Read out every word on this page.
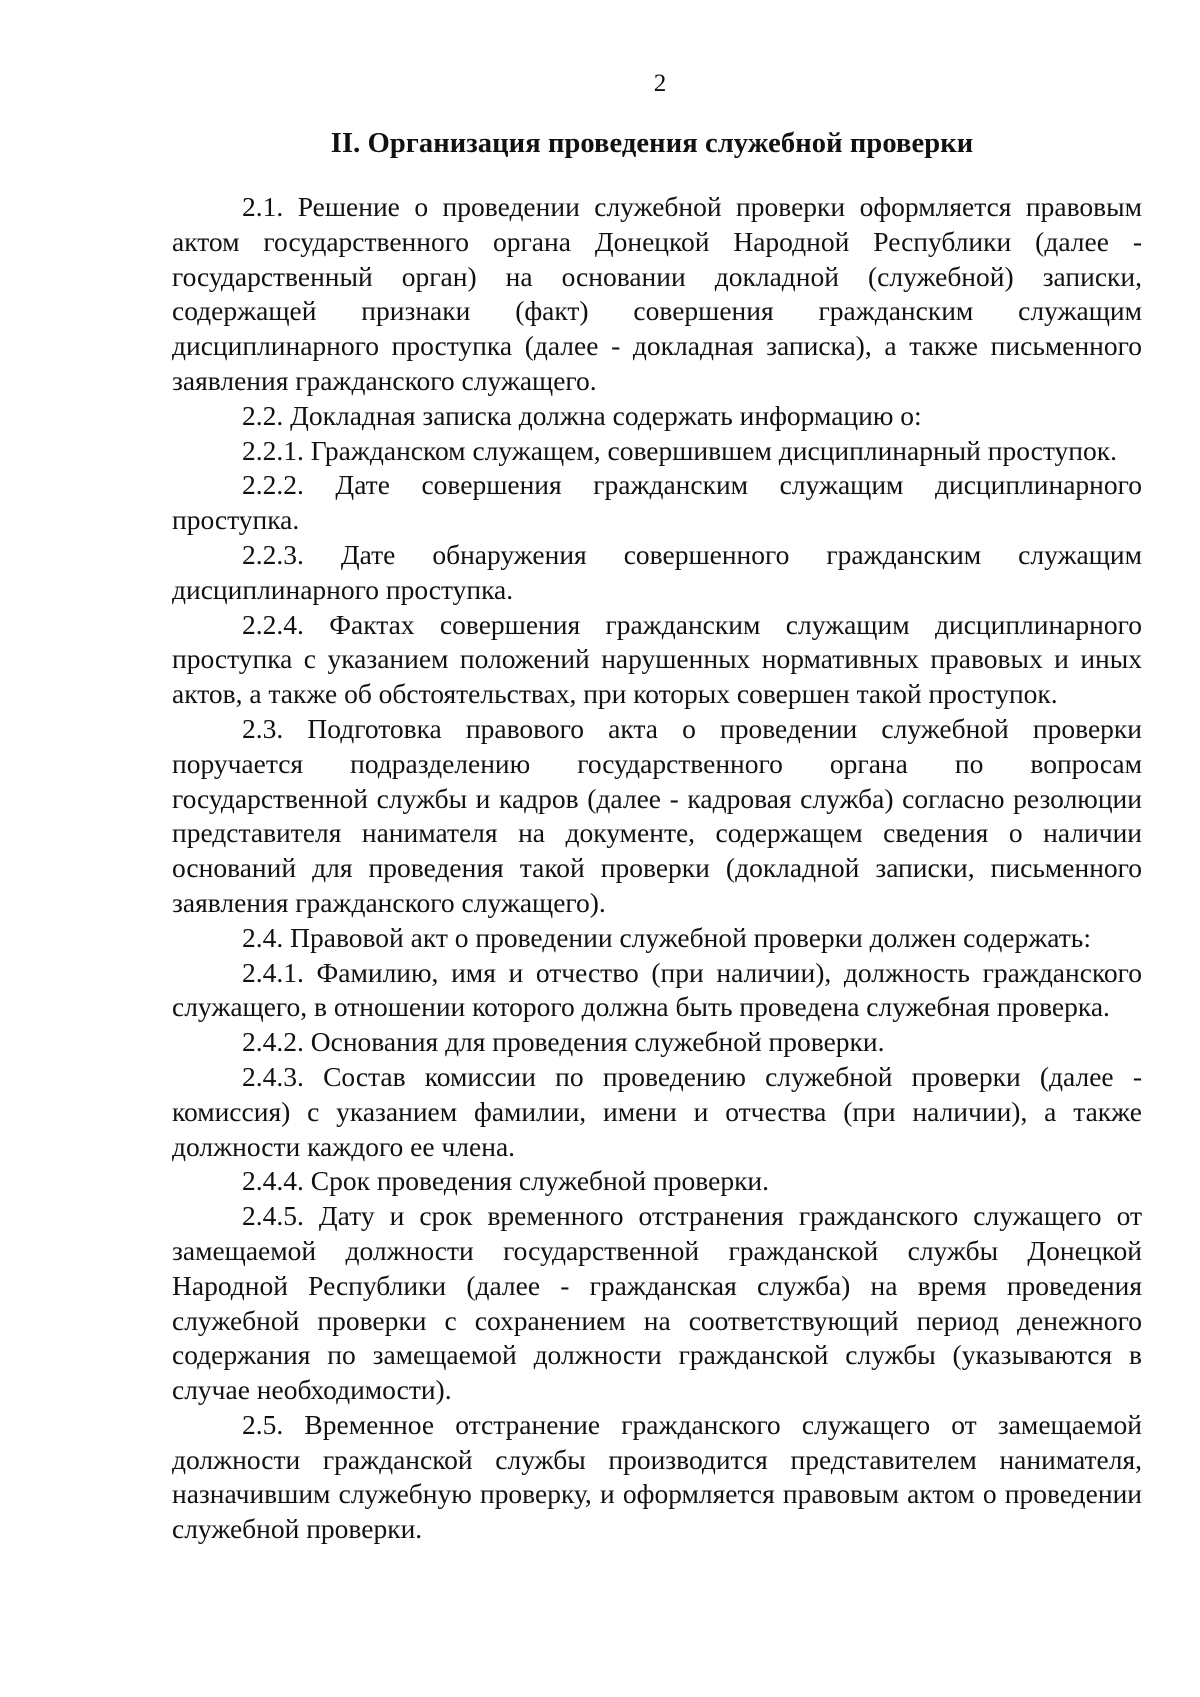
2
II. Организация проведения служебной проверки

2.1. Решение о проведении служебной проверки оформляется правовым актом государственного органа Донецкой Народной Республики (далее - государственный орган) на основании докладной (служебной) записки, содержащей признаки (факт) совершения гражданским служащим дисциплинарного проступка (далее - докладная записка), а также письменного заявления гражданского служащего.

2.2. Докладная записка должна содержать информацию о:

2.2.1. Гражданском служащем, совершившем дисциплинарный проступок.

2.2.2. Дате совершения гражданским служащим дисциплинарного проступка.

2.2.3. Дате обнаружения совершенного гражданским служащим дисциплинарного проступка.

2.2.4. Фактах совершения гражданским служащим дисциплинарного проступка с указанием положений нарушенных нормативных правовых и иных актов, а также об обстоятельствах, при которых совершен такой проступок.

2.3. Подготовка правового акта о проведении служебной проверки поручается подразделению государственного органа по вопросам государственной службы и кадров (далее - кадровая служба) согласно резолюции представителя нанимателя на документе, содержащем сведения о наличии оснований для проведения такой проверки (докладной записки, письменного заявления гражданского служащего).

2.4. Правовой акт о проведении служебной проверки должен содержать:

2.4.1. Фамилию, имя и отчество (при наличии), должность гражданского служащего, в отношении которого должна быть проведена служебная проверка.

2.4.2. Основания для проведения служебной проверки.

2.4.3. Состав комиссии по проведению служебной проверки (далее - комиссия) с указанием фамилии, имени и отчества (при наличии), а также должности каждого ее члена.

2.4.4. Срок проведения служебной проверки.

2.4.5. Дату и срок временного отстранения гражданского служащего от замещаемой должности государственной гражданской службы Донецкой Народной Республики (далее - гражданская служба) на время проведения служебной проверки с сохранением на соответствующий период денежного содержания по замещаемой должности гражданской службы (указываются в случае необходимости).

2.5. Временное отстранение гражданского служащего от замещаемой должности гражданской службы производится представителем нанимателя, назначившим служебную проверку, и оформляется правовым актом о проведении служебной проверки.
